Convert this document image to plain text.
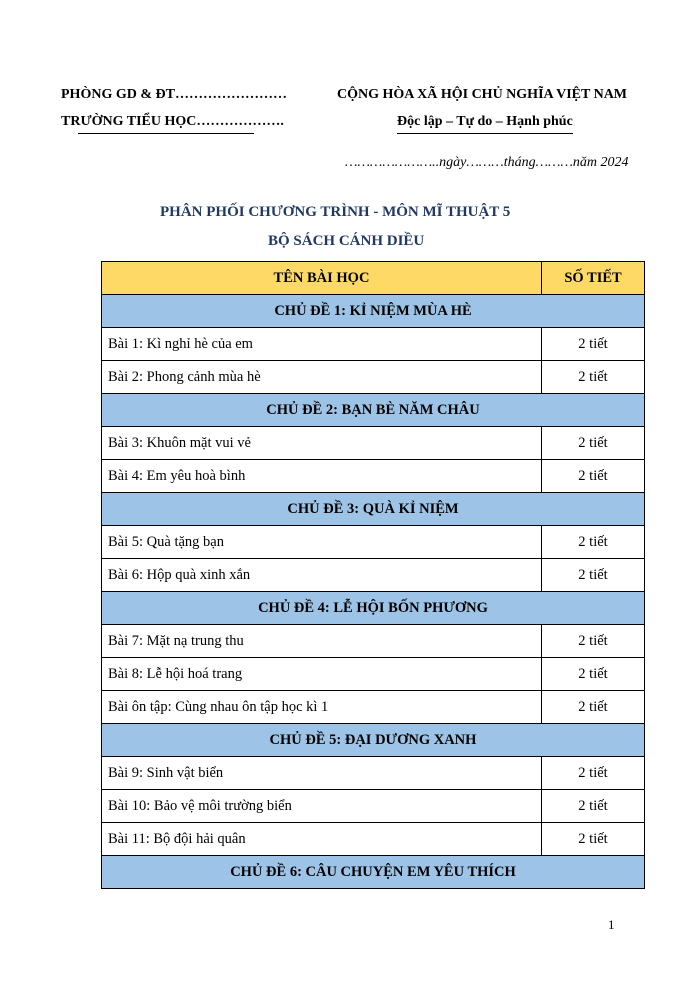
PHÒNG GD & ĐT……………………
TRƯỜNG TIỂU HỌC……………….
CỘNG HÒA XÃ HỘI CHỦ NGHĨA VIỆT NAM
Độc lập – Tự do – Hạnh phúc
…………………..ngày………tháng………năm 2024
PHÂN PHỐI CHƯƠNG TRÌNH - MÔN MĨ THUẬT 5
BỘ SÁCH CÁNH DIỀU
TÊN BÀI HỌC	SỐ TIẾT
CHỦ ĐỀ 1: KỈ NIỆM MÙA HÈ	
Bài 1: Kì nghỉ hè của em	2 tiết
Bài 2: Phong cảnh mùa hè	2 tiết
CHỦ ĐỀ 2: BẠN BÈ NĂM CHÂU	
Bài 3: Khuôn mặt vui vẻ	2 tiết
Bài 4: Em yêu hoà bình	2 tiết
CHỦ ĐỀ 3: QUÀ KỈ NIỆM	
Bài 5: Quà tặng bạn	2 tiết
Bài 6: Hộp quà xinh xắn	2 tiết
CHỦ ĐỀ 4: LỄ HỘI BỐN PHƯƠNG	
Bài 7: Mặt nạ trung thu	2 tiết
Bài 8: Lễ hội hoá trang	2 tiết
Bài ôn tập: Cùng nhau ôn tập học kì 1	2 tiết
CHỦ ĐỀ 5: ĐẠI DƯƠNG XANH	
Bài 9: Sinh vật biển	2 tiết
Bài 10: Bảo vệ môi trường biển	2 tiết
Bài 11: Bộ đội hải quân	2 tiết
CHỦ ĐỀ 6: CÂU CHUYỆN EM YÊU THÍCH	
1
